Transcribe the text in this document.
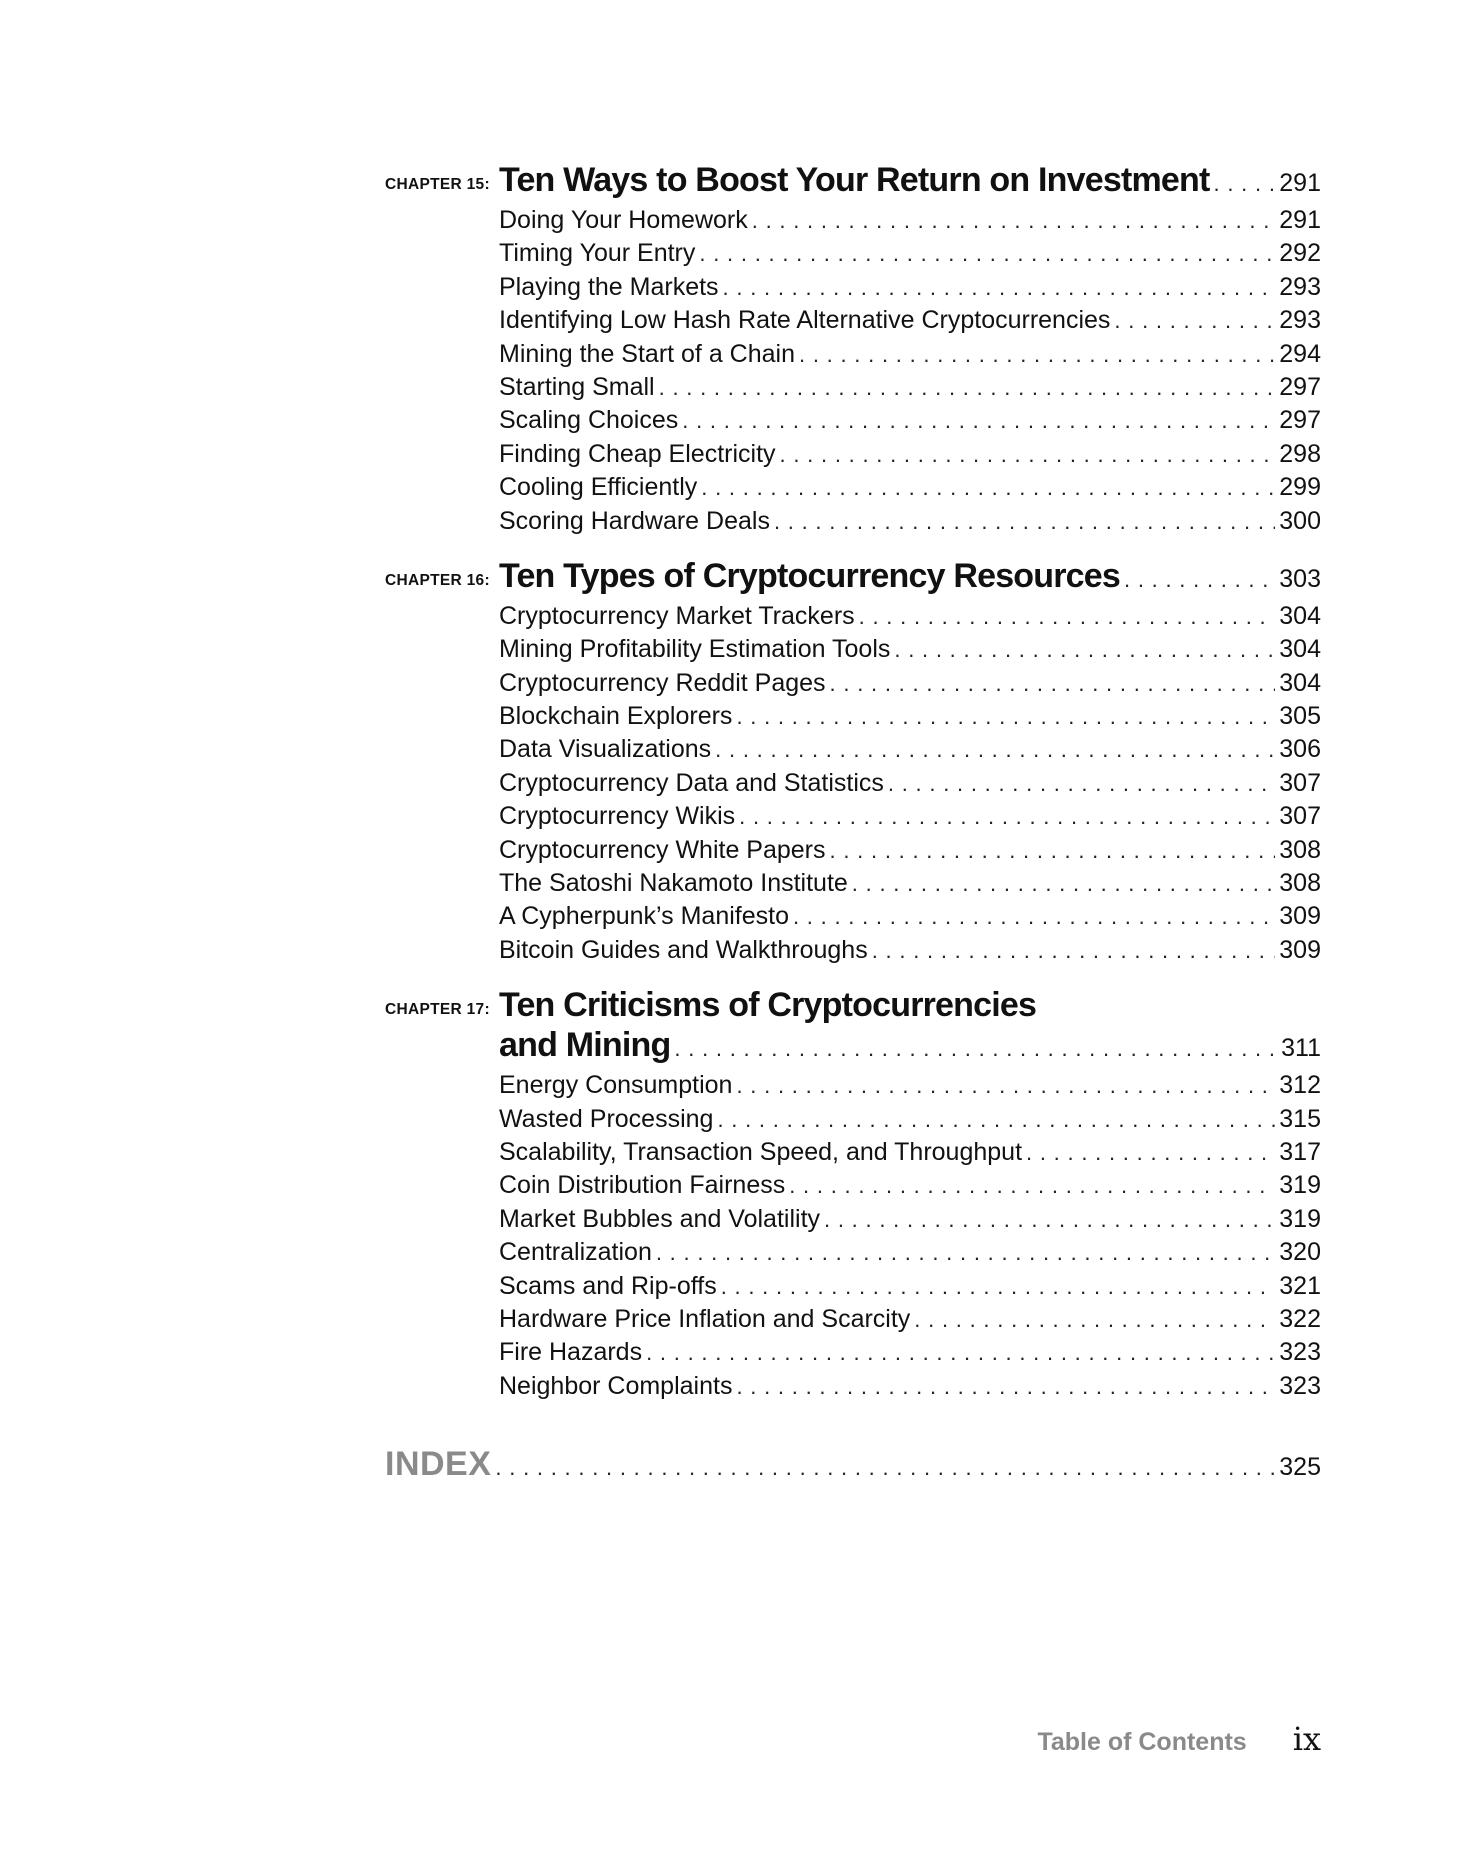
CHAPTER 15: Ten Ways to Boost Your Return on Investment . . .	291
Doing Your Homework . . .	291
Timing Your Entry . . .	292
Playing the Markets . . .	293
Identifying Low Hash Rate Alternative Cryptocurrencies . . .	293
Mining the Start of a Chain . . .	294
Starting Small . . .	297
Scaling Choices . . .	297
Finding Cheap Electricity . . .	298
Cooling Efficiently . . .	299
Scoring Hardware Deals . . .	300
CHAPTER 16: Ten Types of Cryptocurrency Resources . . .	303
Cryptocurrency Market Trackers . . .	304
Mining Profitability Estimation Tools . . .	304
Cryptocurrency Reddit Pages . . .	304
Blockchain Explorers . . .	305
Data Visualizations . . .	306
Cryptocurrency Data and Statistics . . .	307
Cryptocurrency Wikis . . .	307
Cryptocurrency White Papers . . .	308
The Satoshi Nakamoto Institute . . .	308
A Cypherpunk’s Manifesto . . .	309
Bitcoin Guides and Walkthroughs . . .	309
CHAPTER 17: Ten Criticisms of Cryptocurrencies
and Mining . . .	311
Energy Consumption . . .	312
Wasted Processing . . .	315
Scalability, Transaction Speed, and Throughput . . .	317
Coin Distribution Fairness . . .	319
Market Bubbles and Volatility . . .	319
Centralization . . .	320
Scams and Rip-offs . . .	321
Hardware Price Inflation and Scarcity . . .	322
Fire Hazards . . .	323
Neighbor Complaints . . .	323
INDEX . . .	325
Table of Contents ix
